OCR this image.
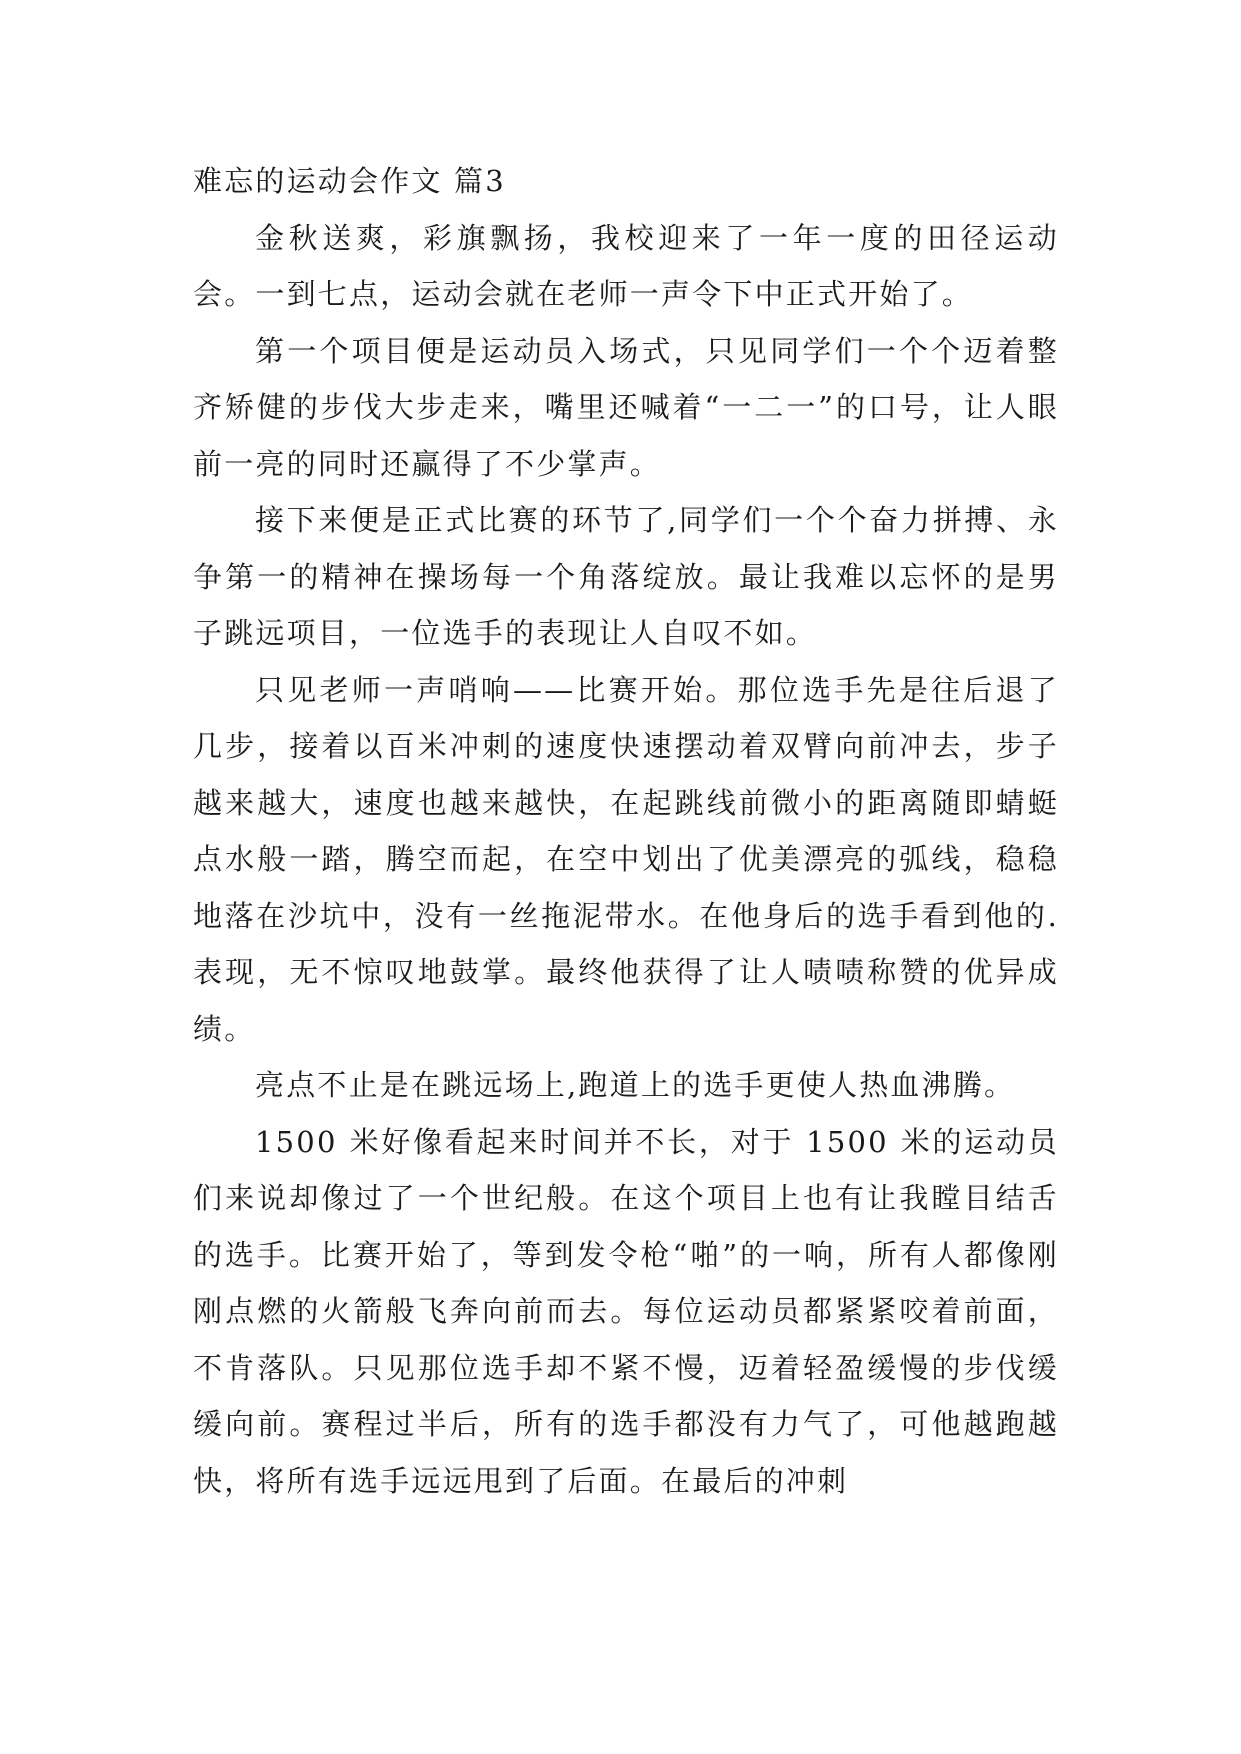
难忘的运动会作文 篇3

金秋送爽，彩旗飘扬，我校迎来了一年一度的田径运动会。一到七点，运动会就在老师一声令下中正式开始了。

第一个项目便是运动员入场式，只见同学们一个个迈着整齐矫健的步伐大步走来，嘴里还喊着“一二一”的口号，让人眼前一亮的同时还赢得了不少掌声。

接下来便是正式比赛的环节了,同学们一个个奋力拼搏、永争第一的精神在操场每一个角落绽放。最让我难以忘怀的是男子跳远项目，一位选手的表现让人自叹不如。

只见老师一声哨响——比赛开始。那位选手先是往后退了几步，接着以百米冲刺的速度快速摆动着双臂向前冲去，步子越来越大，速度也越来越快，在起跳线前微小的距离随即蜻蜓点水般一踏，腾空而起，在空中划出了优美漂亮的弧线，稳稳地落在沙坑中，没有一丝拖泥带水。在他身后的选手看到他的.表现，无不惊叹地鼓掌。最终他获得了让人啧啧称赞的优异成绩。

亮点不止是在跳远场上,跑道上的选手更使人热血沸腾。

1500 米好像看起来时间并不长，对于 1500 米的运动员们来说却像过了一个世纪般。在这个项目上也有让我瞠目结舌的选手。比赛开始了，等到发令枪“啪”的一响，所有人都像刚刚点燃的火箭般飞奔向前而去。每位运动员都紧紧咬着前面，不肯落队。只见那位选手却不紧不慢，迈着轻盈缓慢的步伐缓缓向前。赛程过半后，所有的选手都没有力气了，可他越跑越快，将所有选手远远甩到了后面。在最后的冲刺
